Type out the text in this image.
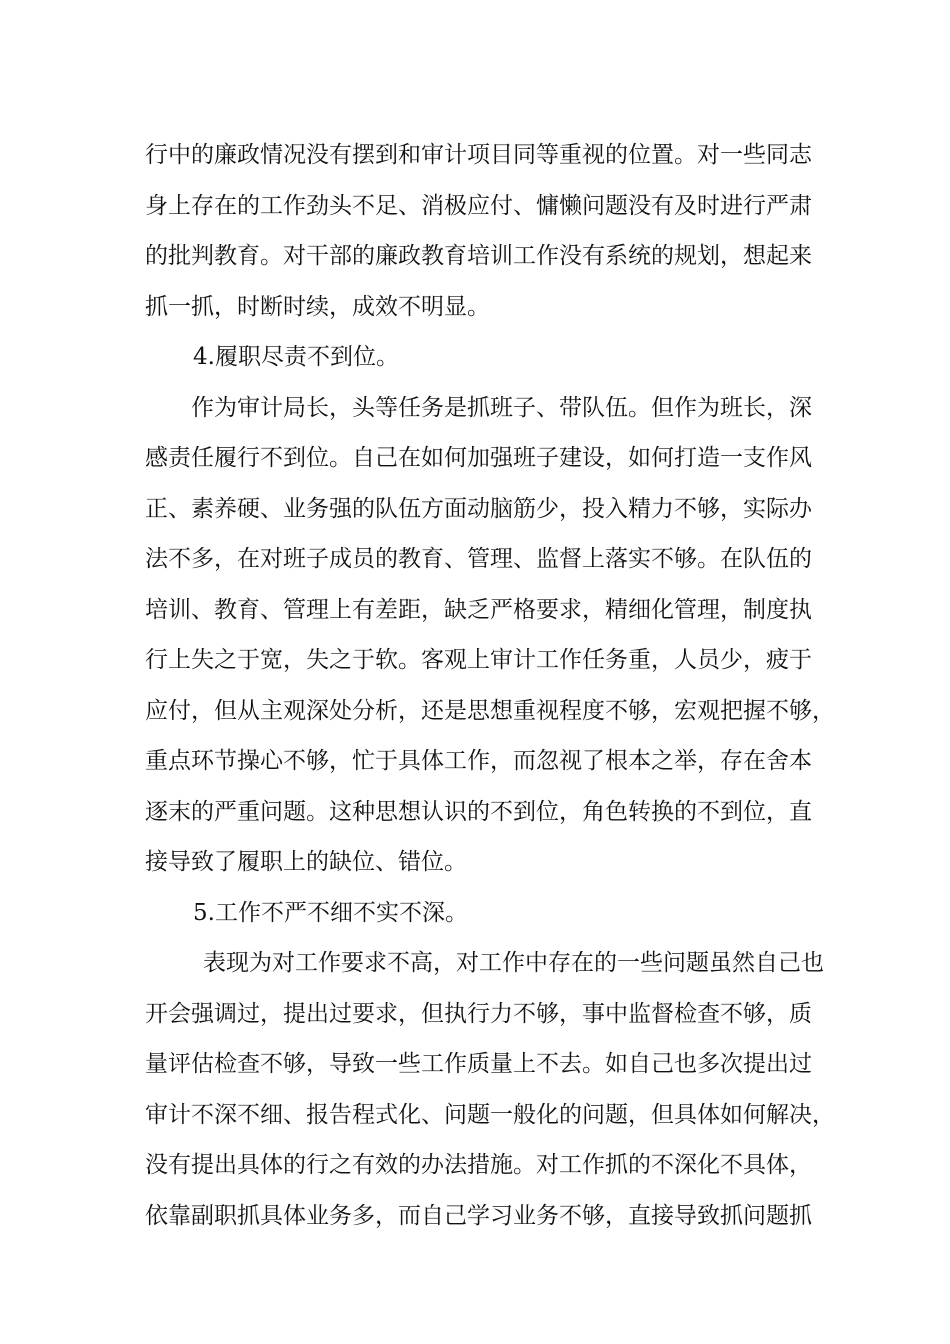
行中的廉政情况没有摆到和审计项目同等重视的位置。对一些同志
身上存在的工作劲头不足、消极应付、慵懒问题没有及时进行严肃
的批判教育。对干部的廉政教育培训工作没有系统的规划，想起来
抓一抓，时断时续，成效不明显。
4.履职尽责不到位。
作为审计局长，头等任务是抓班子、带队伍。但作为班长，深
感责任履行不到位。自己在如何加强班子建设，如何打造一支作风
正、素养硬、业务强的队伍方面动脑筋少，投入精力不够，实际办
法不多，在对班子成员的教育、管理、监督上落实不够。在队伍的
培训、教育、管理上有差距，缺乏严格要求，精细化管理，制度执
行上失之于宽，失之于软。客观上审计工作任务重，人员少，疲于
应付，但从主观深处分析，还是思想重视程度不够，宏观把握不够，
重点环节操心不够，忙于具体工作，而忽视了根本之举，存在舍本
逐末的严重问题。这种思想认识的不到位，角色转换的不到位，直
接导致了履职上的缺位、错位。
5.工作不严不细不实不深。
表现为对工作要求不高，对工作中存在的一些问题虽然自己也
开会强调过，提出过要求，但执行力不够，事中监督检查不够，质
量评估检查不够，导致一些工作质量上不去。如自己也多次提出过
审计不深不细、报告程式化、问题一般化的问题，但具体如何解决，
没有提出具体的行之有效的办法措施。对工作抓的不深化不具体，
依靠副职抓具体业务多，而自己学习业务不够，直接导致抓问题抓
